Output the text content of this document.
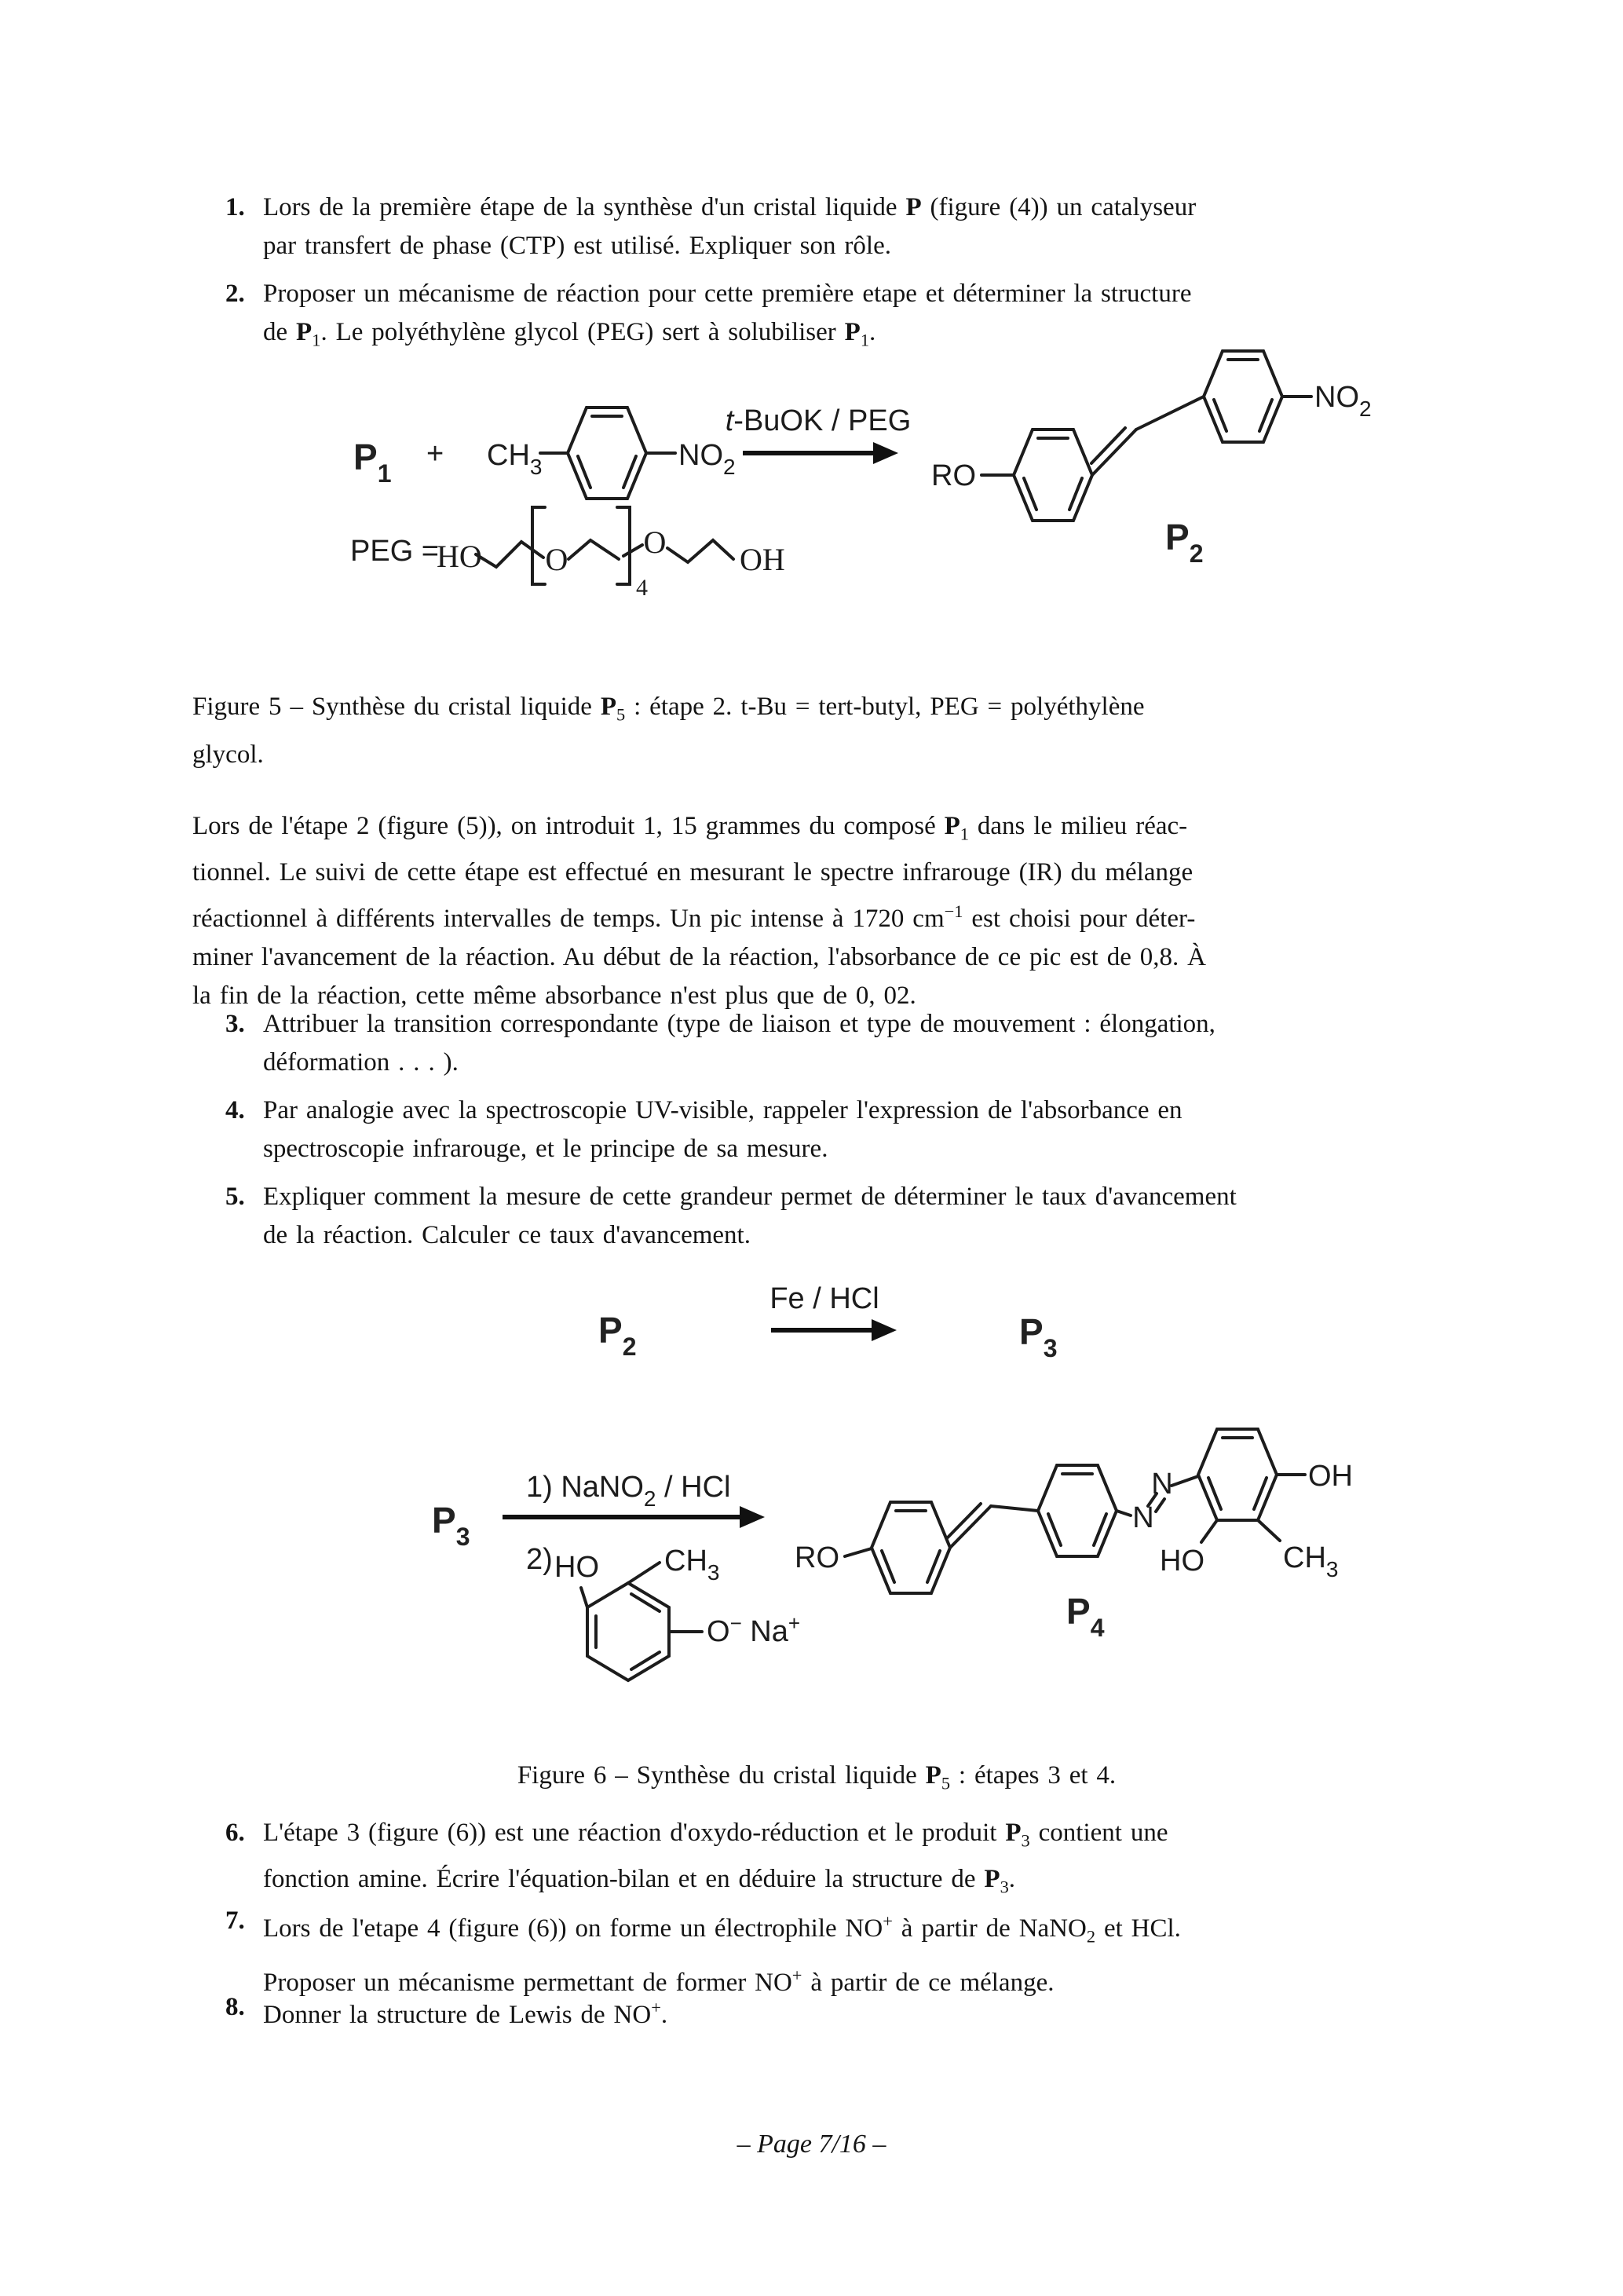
1. Lors de la première étape de la synthèse d'un cristal liquide P (figure (4)) un catalyseur
par transfert de phase (CTP) est utilisé. Expliquer son rôle.
2. Proposer un mécanisme de réaction pour cette première etape et déterminer la structure
de $P_1$. Le polyéthylène glycol (PEG) sert à solubiliser $P_1$.
$P_1$
+ $CH_3$	$NO_2$
t-BuOK / PEG
RO
$NO_2$
$P_2$
PEG =
HO O
4
O OH
Figure 5 – Synthèse du cristal liquide $P_5$ : étape 2. t-Bu = tert-butyl, PEG = polyéthylène
glycol.
Lors de l'étape 2 (figure (5)), on introduit 1, 15 grammes du composé $P_1$ dans le milieu réac-
tionnel. Le suivi de cette étape est effectué en mesurant le spectre infrarouge (IR) du mélange
réactionnel à différents intervalles de temps. Un pic intense à 1720 $cm^{-1}$ est choisi pour déter-
miner l'avancement de la réaction. Au début de la réaction, l'absorbance de ce pic est de 0,8. À
la fin de la réaction, cette même absorbance n'est plus que de 0, 02.
3. Attribuer la transition correspondante (type de liaison et type de mouvement : élongation,
déformation . . . ).
4. Par analogie avec la spectroscopie UV-visible, rappeler l'expression de l'absorbance en
spectroscopie infrarouge, et le principe de sa mesure.
5. Expliquer comment la mesure de cette grandeur permet de déterminer le taux d'avancement
de la réaction. Calculer ce taux d'avancement.
$P_2$
Fe / HCl
$P_3$
$P_3$
1) NaNO$_2$ / HCl
2) HO $CH_3$
O− Na+
RO
N
N	OH
HO	$CH_3$
$P_4$
Figure 6 – Synthèse du cristal liquide $P_5$ : étapes 3 et 4.
6. L'étape 3 (figure (6)) est une réaction d'oxydo-réduction et le produit $P_3$ contient une
fonction amine. Écrire l'équation-bilan et en déduire la structure de $P_3$.
7. Lors de l'etape 4 (figure (6)) on forme un électrophile NO+ à partir de NaNO$_2$ et HCl.
Proposer un mécanisme permettant de former NO+ à partir de ce mélange.
8. Donner la structure de Lewis de NO+.
– Page 7/16 –
